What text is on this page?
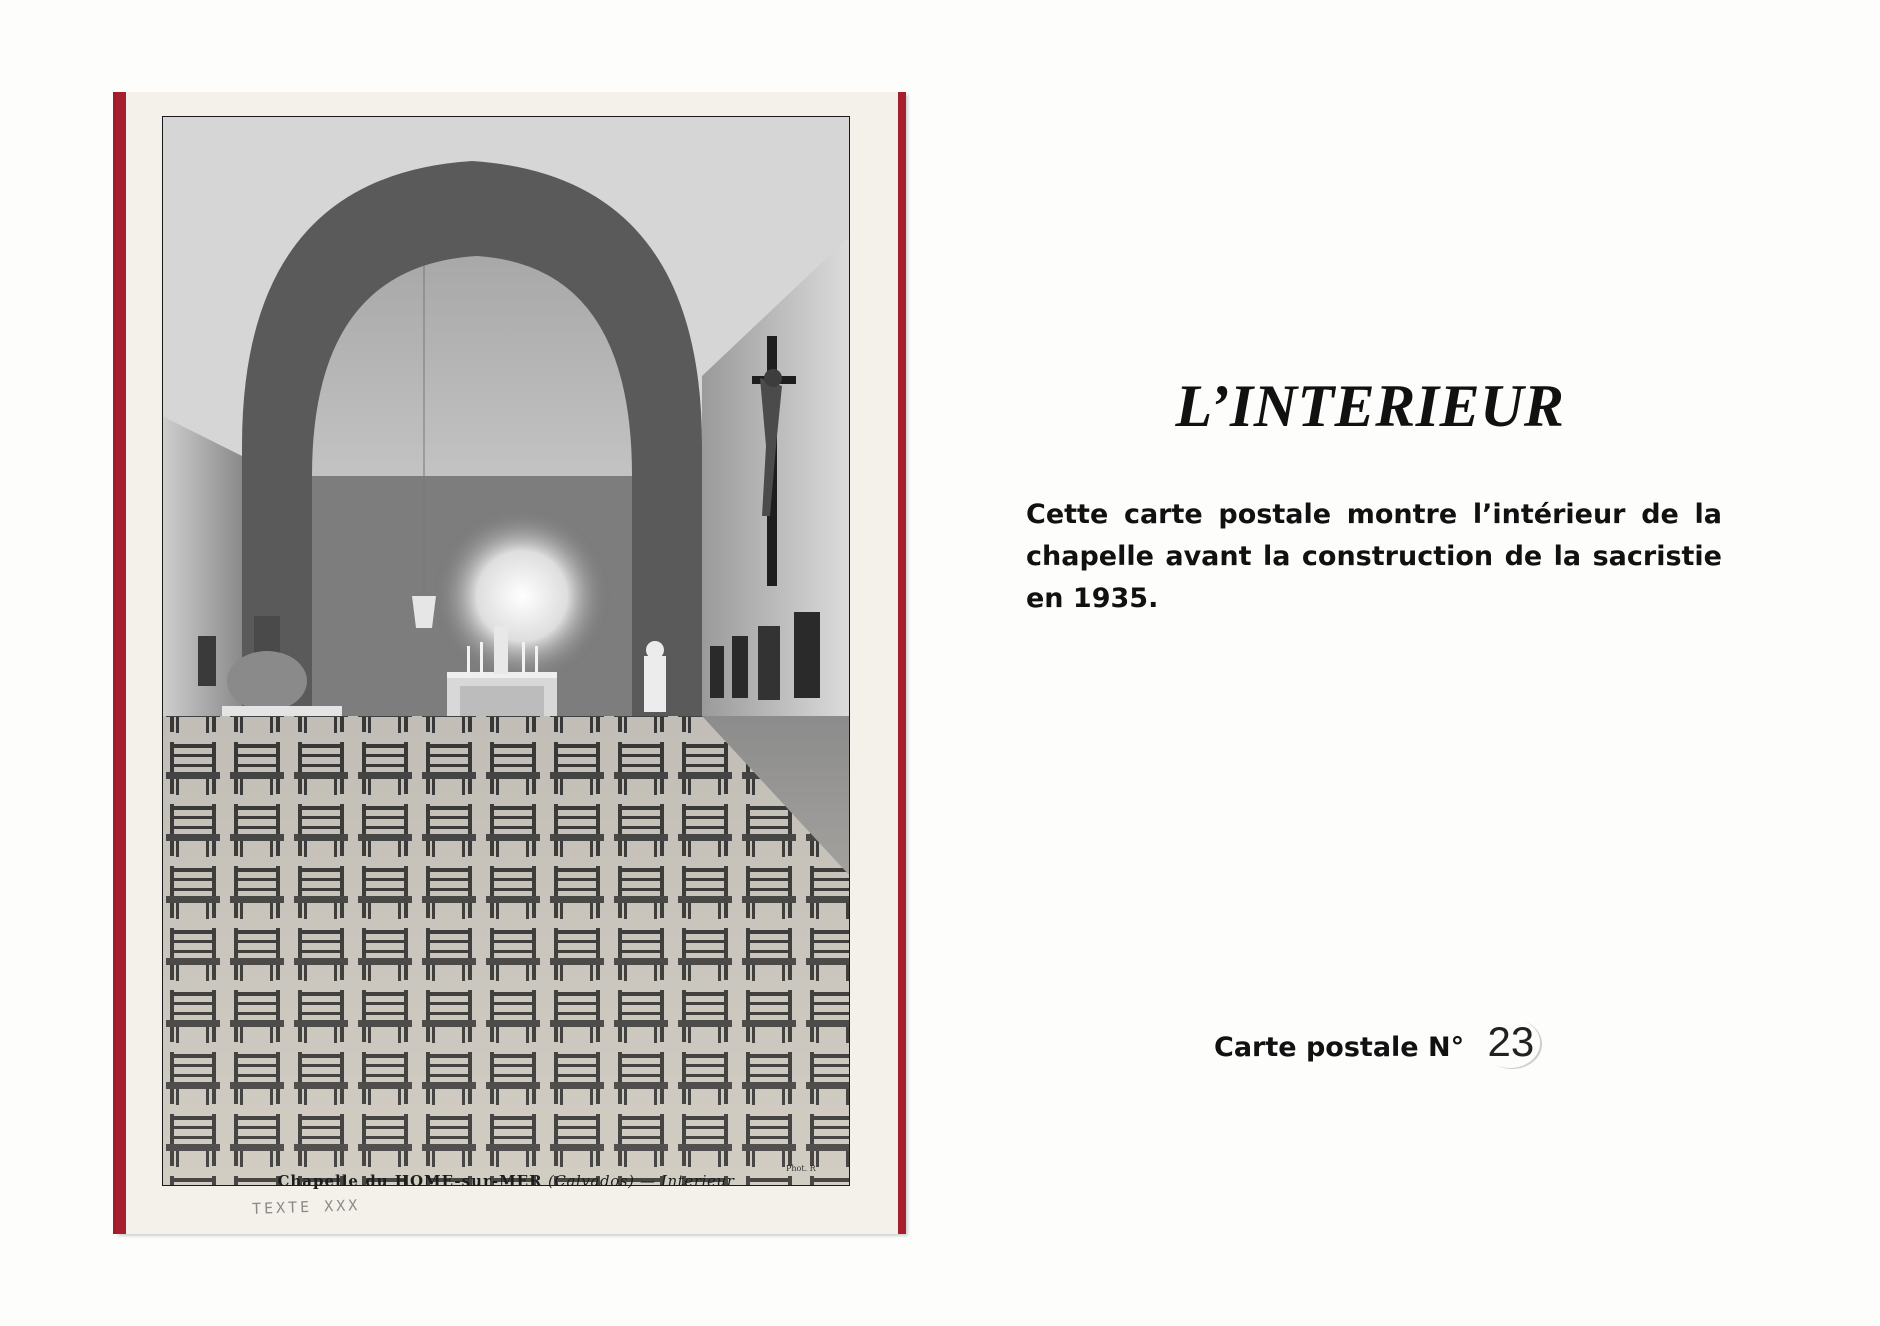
Chapelle du HOME-sur-MER (Calvados) — Interieur
Phot. R
TEXTE XXX
L’INTERIEUR

Cette carte postale montre l’intérieur de la chapelle avant la construction de la sacristie en 1935.

Carte postale N° 23
